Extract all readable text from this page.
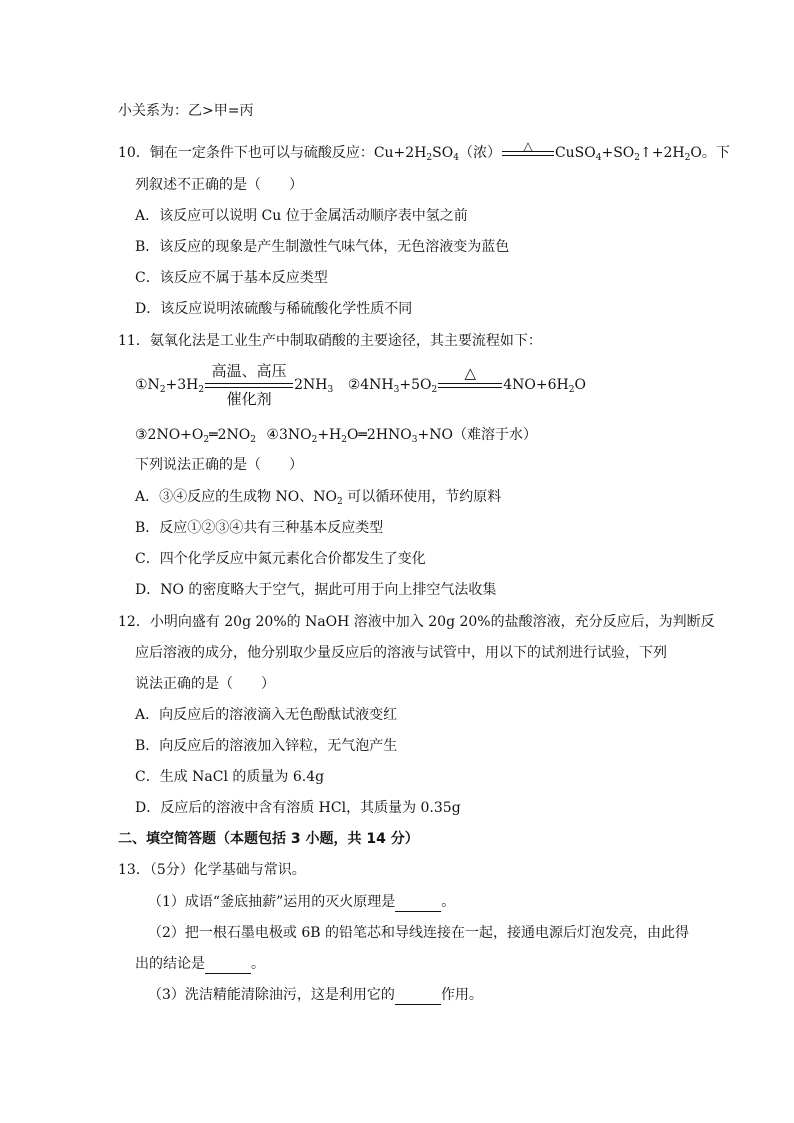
小关系为：乙>甲=丙
10．铜在一定条件下也可以与硫酸反应：$Cu+2H_2SO_4$（浓）	△	$CuSO_4+SO_2↑+2H_2O$。下
列叙述不正确的是（　　）
A．该反应可以说明 Cu 位于金属活动顺序表中氢之前
B．该反应的现象是产生制激性气味气体，无色溶液变为蓝色
C．该反应不属于基本反应类型
D．该反应说明浓硫酸与稀硫酸化学性质不同
11．氨氧化法是工业生产中制取硝酸的主要途径，其主要流程如下：
$①N_2+3H_2$
高温、高压
催化剂
$2NH_3$ $②4NH_3+5O_2$
△
$4NO+6H_2O$
$③2NO+O_2═2NO_2$ $④3NO_2+H_2O═2HNO_3+NO$（难溶于水）
下列说法正确的是（　　）
A．③④反应的生成物 NO、$NO_2$ 可以循环使用，节约原料
B．反应①②③④共有三种基本反应类型
C．四个化学反应中氮元素化合价都发生了变化
D．NO 的密度略大于空气，据此可用于向上排空气法收集
12．小明向盛有 20g 20%的 NaOH 溶液中加入 20g 20%的盐酸溶液，充分反应后，为判断反
应后溶液的成分，他分别取少量反应后的溶液与试管中，用以下的试剂进行试验，下列
说法正确的是（　　）
A．向反应后的溶液滴入无色酚酞试液变红
B．向反应后的溶液加入锌粒，无气泡产生
C．生成 NaCl 的质量为 6.4g
D．反应后的溶液中含有溶质 HCl，其质量为 0.35g
二、填空简答题（本题包括 3 小题，共 14 分）
13．（5分）化学基础与常识。
（1）成语“釜底抽薪”运用的灭火原理是	。
（2）把一根石墨电极或 6B 的铅笔芯和导线连接在一起，接通电源后灯泡发亮，由此得
出的结论是	。
（3）洗洁精能清除油污，这是利用它的	作用。
